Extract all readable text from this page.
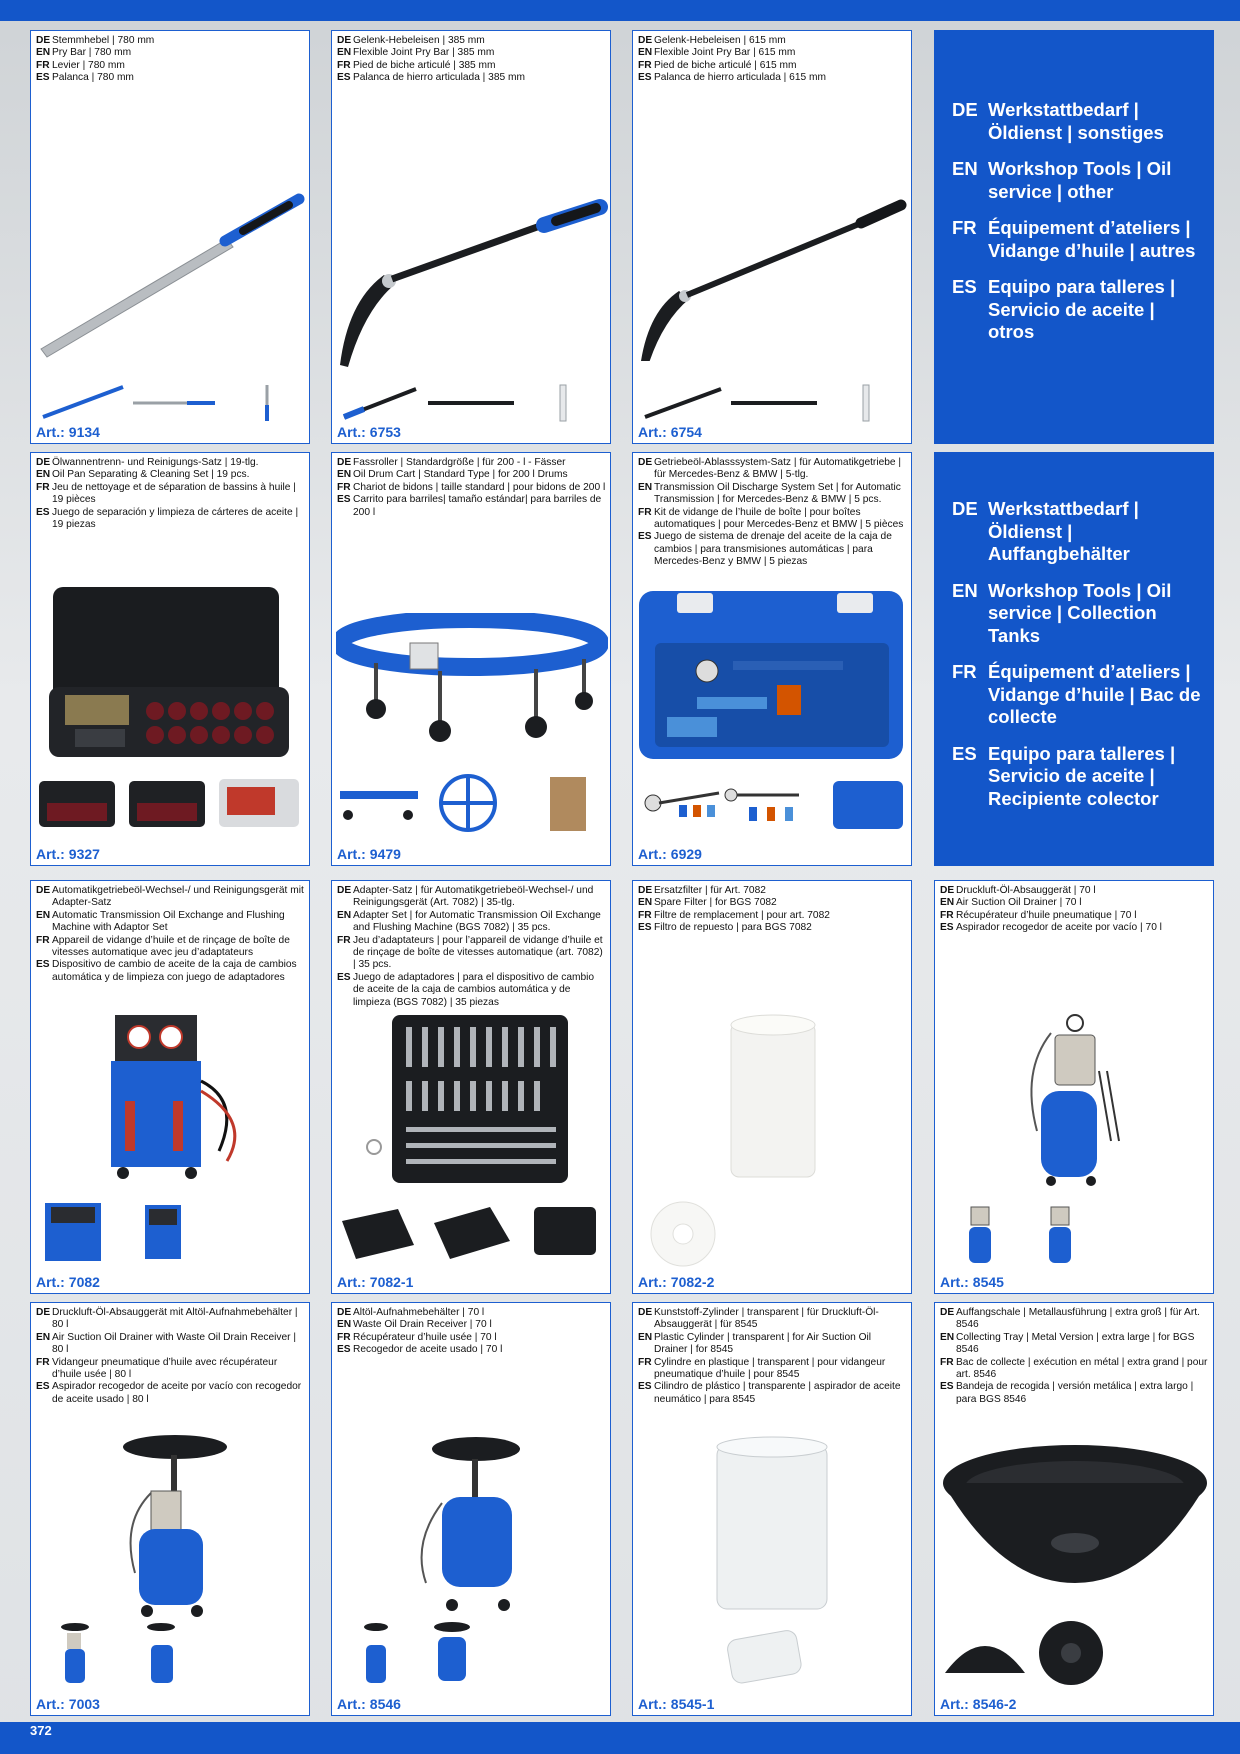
DE Werkstattbedarf | Öldienst | sonstiges
EN Workshop Tools | Oil service | other
FR Équipement d’ateliers | Vidange d’huile | autres
ES Equipo para talleres | Servicio de aceite | otros
DE Werkstattbedarf | Öldienst | Auffangbehälter
EN Workshop Tools | Oil service | Collection Tanks
FR Équipement d’ateliers | Vidange d’huile | Bac de collecte
ES Equipo para talleres | Servicio de aceite | Recipiente colector
DE Stemmhebel | 780 mm
EN Pry Bar | 780 mm
FR Levier | 780 mm
ES Palanca | 780 mm
Art.: 9134
DE Gelenk-Hebeleisen | 385 mm
EN Flexible Joint Pry Bar | 385 mm
FR Pied de biche articulé | 385 mm
ES Palanca de hierro articulada | 385 mm
Art.: 6753
DE Gelenk-Hebeleisen | 615 mm
EN Flexible Joint Pry Bar | 615 mm
FR Pied de biche articulé | 615 mm
ES Palanca de hierro articulada | 615 mm
Art.: 6754
DE Ölwannentrenn- und Reinigungs-Satz | 19-tlg.
EN Oil Pan Separating & Cleaning Set | 19 pcs.
FR Jeu de nettoyage et de séparation de bassins à huile | 19 pièces
ES Juego de separación y limpieza de cárteres de aceite | 19 piezas
Art.: 9327
DE Fassroller | Standardgröße | für 200 - l - Fässer
EN Oil Drum Cart | Standard Type | for 200 l Drums
FR Chariot de bidons | taille standard | pour bidons de 200 l
ES Carrito para barriles| tamaño estándar| para barriles de 200 l
Art.: 9479
DE Getriebeöl-Ablasssystem-Satz | für Automatikgetriebe | für Mercedes-Benz & BMW | 5-tlg.
EN Transmission Oil Discharge System Set | for Automatic Transmission | for Mercedes-Benz & BMW | 5 pcs.
FR Kit de vidange de l’huile de boîte | pour boîtes automatiques | pour Mercedes-Benz et BMW | 5 pièces
ES Juego de sistema de drenaje del aceite de la caja de cambios | para transmisiones automáticas | para Mercedes-Benz y BMW | 5 piezas
Art.: 6929
DE Automatikgetriebeöl-Wechsel-/ und Reinigungsgerät mit Adapter-Satz
EN Automatic Transmission Oil Exchange and Flushing Machine with Adaptor Set
FR Appareil de vidange d’huile et de rinçage de boîte de vitesses automatique avec jeu d’adaptateurs
ES Dispositivo de cambio de aceite de la caja de cambios automática y de limpieza con juego de adaptadores
Art.: 7082
DE Adapter-Satz | für Automatikgetriebeöl-Wechsel-/ und Reinigungsgerät (Art. 7082) | 35-tlg.
EN Adapter Set | for Automatic Transmission Oil Exchange and Flushing Machine (BGS 7082) | 35 pcs.
FR Jeu d’adaptateurs | pour l’appareil de vidange d’huile et de rinçage de boîte de vitesses automatique (art. 7082) | 35 pcs.
ES Juego de adaptadores | para el dispositivo de cambio de aceite de la caja de cambios automática y de limpieza (BGS 7082) | 35 piezas
Art.: 7082-1
DE Ersatzfilter | für Art. 7082
EN Spare Filter | for BGS 7082
FR Filtre de remplacement | pour art. 7082
ES Filtro de repuesto | para BGS 7082
Art.: 7082-2
DE Druckluft-Öl-Absauggerät | 70 l
EN Air Suction Oil Drainer | 70 l
FR Récupérateur d’huile pneumatique | 70 l
ES Aspirador recogedor de aceite por vacío | 70 l
Art.: 8545
DE Druckluft-Öl-Absauggerät mit Altöl-Aufnahmebehälter | 80 l
EN Air Suction Oil Drainer with Waste Oil Drain Receiver | 80 l
FR Vidangeur pneumatique d’huile avec récupérateur d’huile usée | 80 l
ES Aspirador recogedor de aceite por vacío con recogedor de aceite usado | 80 l
Art.: 7003
DE Altöl-Aufnahmebehälter | 70 l
EN Waste Oil Drain Receiver | 70 l
FR Récupérateur d’huile usée | 70 l
ES Recogedor de aceite usado | 70 l
Art.: 8546
DE Kunststoff-Zylinder | transparent | für Druckluft-Öl-Absauggerät | für 8545
EN Plastic Cylinder | transparent | for Air Suction Oil Drainer | for 8545
FR Cylindre en plastique | transparent | pour vidangeur pneumatique d’huile | pour 8545
ES Cilindro de plástico | transparente | aspirador de aceite neumático | para 8545
Art.: 8545-1
DE Auffangschale | Metallausführung | extra groß | für Art. 8546
EN Collecting Tray | Metal Version | extra large | for BGS 8546
FR Bac de collecte | exécution en métal | extra grand | pour art. 8546
ES Bandeja de recogida | versión metálica | extra largo | para BGS 8546
Art.: 8546-2
372
